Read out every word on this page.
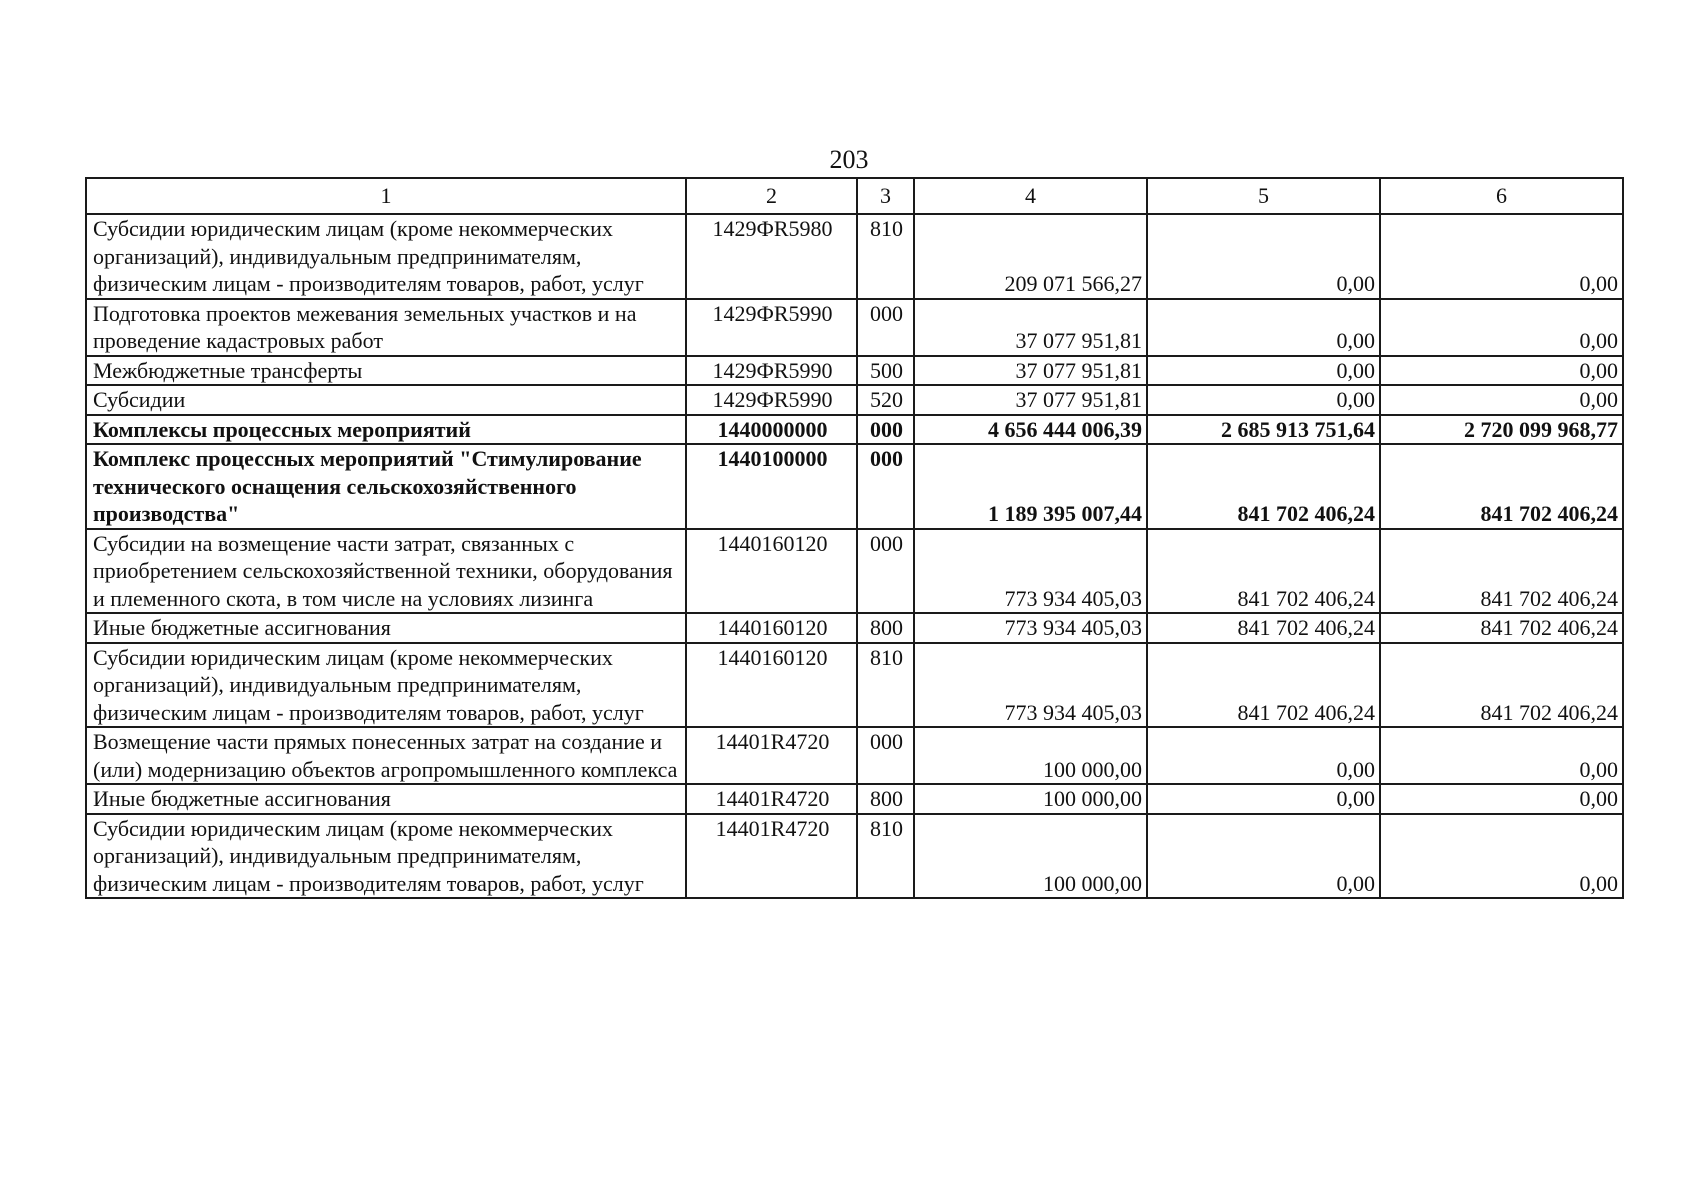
203
1	2	3	4	5	6
Субсидии юридическим лицам (кроме некоммерческих организаций), индивидуальным предпринимателям, физическим лицам - производителям товаров, работ, услуг	1429ФR5980	810	209 071 566,27	0,00	0,00
Подготовка проектов межевания земельных участков и на проведение кадастровых работ	1429ФR5990	000	37 077 951,81	0,00	0,00
Межбюджетные трансферты	1429ФR5990	500	37 077 951,81	0,00	0,00
Субсидии	1429ФR5990	520	37 077 951,81	0,00	0,00
Комплексы процессных мероприятий	1440000000	000	4 656 444 006,39	2 685 913 751,64	2 720 099 968,77
Комплекс процессных мероприятий "Стимулирование технического оснащения сельскохозяйственного производства"	1440100000	000	1 189 395 007,44	841 702 406,24	841 702 406,24
Субсидии на возмещение части затрат, связанных с приобретением сельскохозяйственной техники, оборудования и племенного скота, в том числе на условиях лизинга	1440160120	000	773 934 405,03	841 702 406,24	841 702 406,24
Иные бюджетные ассигнования	1440160120	800	773 934 405,03	841 702 406,24	841 702 406,24
Субсидии юридическим лицам (кроме некоммерческих организаций), индивидуальным предпринимателям, физическим лицам - производителям товаров, работ, услуг	1440160120	810	773 934 405,03	841 702 406,24	841 702 406,24
Возмещение части прямых понесенных затрат на создание и (или) модернизацию объектов агропромышленного комплекса	14401R4720	000	100 000,00	0,00	0,00
Иные бюджетные ассигнования	14401R4720	800	100 000,00	0,00	0,00
Субсидии юридическим лицам (кроме некоммерческих организаций), индивидуальным предпринимателям, физическим лицам - производителям товаров, работ, услуг	14401R4720	810	100 000,00	0,00	0,00
